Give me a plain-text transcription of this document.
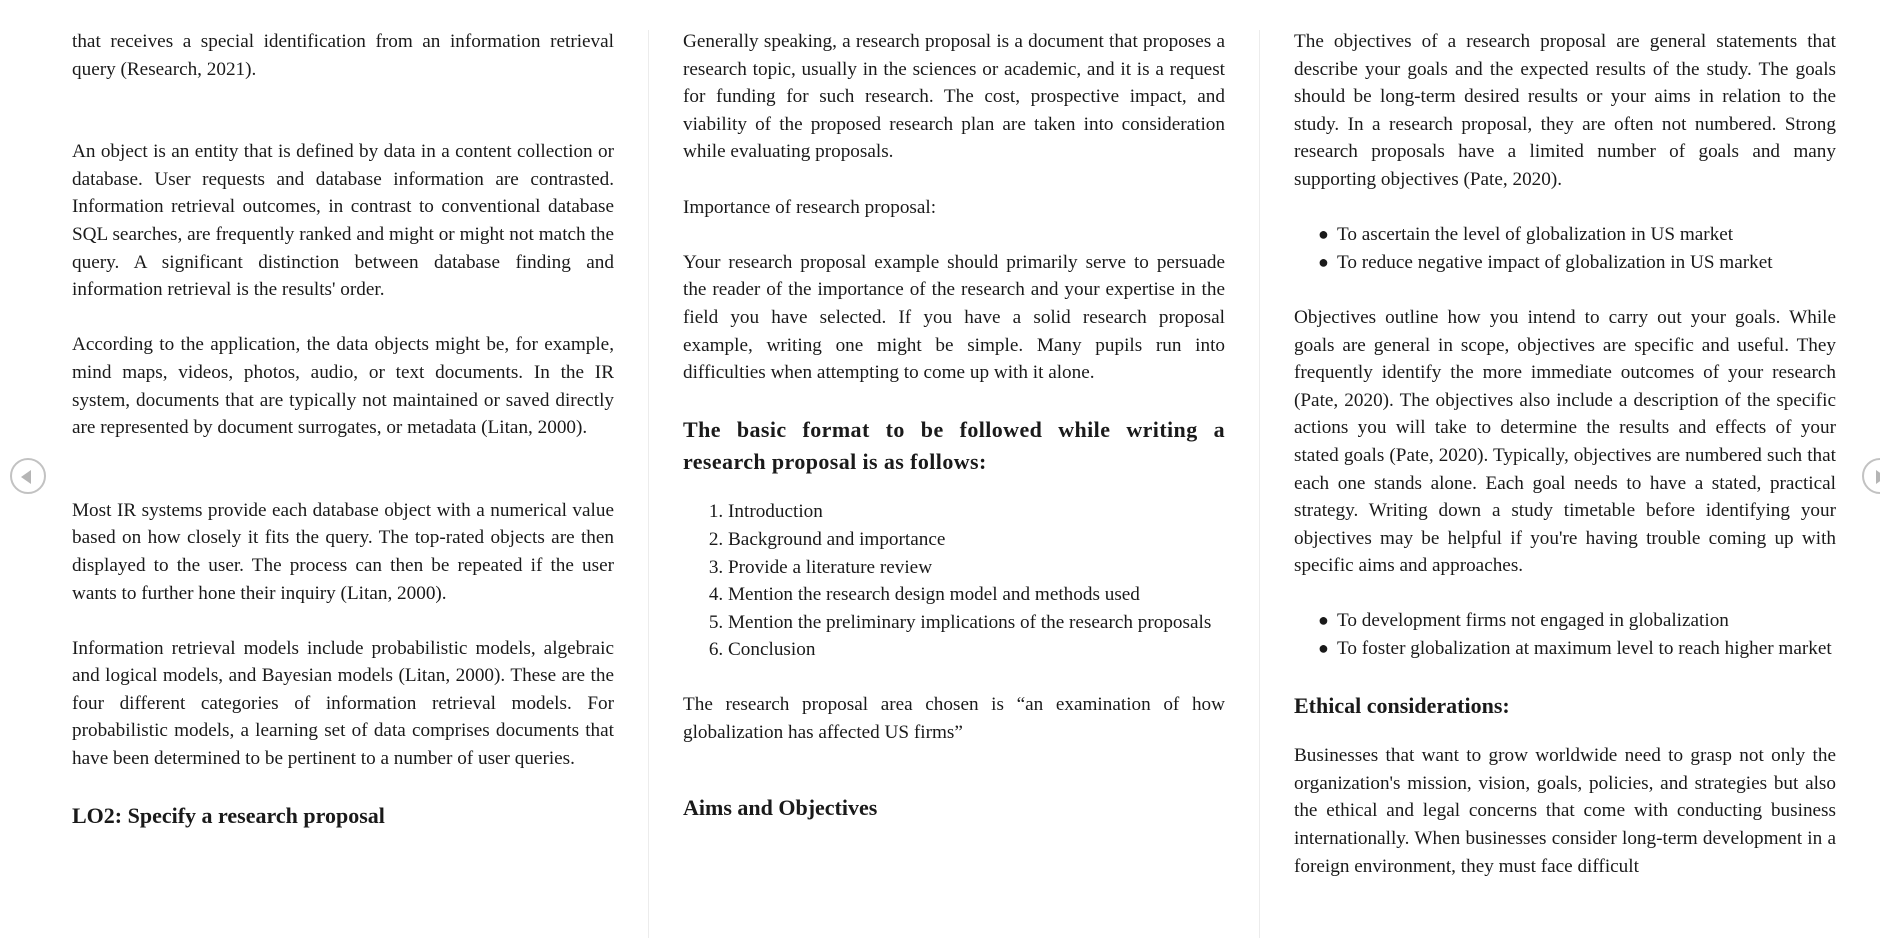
that receives a special identification from an information retrieval query (Research, 2021).

An object is an entity that is defined by data in a content collection or database. User requests and database information are contrasted. Information retrieval outcomes, in contrast to conventional database SQL searches, are frequently ranked and might or might not match the query. A significant distinction between database finding and information retrieval is the results' order.

According to the application, the data objects might be, for example, mind maps, videos, photos, audio, or text documents. In the IR system, documents that are typically not maintained or saved directly are represented by document surrogates, or metadata (Litan, 2000).

Most IR systems provide each database object with a numerical value based on how closely it fits the query. The top-rated objects are then displayed to the user. The process can then be repeated if the user wants to further hone their inquiry (Litan, 2000).

Information retrieval models include probabilistic models, algebraic and logical models, and Bayesian models (Litan, 2000). These are the four different categories of information retrieval models. For probabilistic models, a learning set of data comprises documents that have been determined to be pertinent to a number of user queries.

LO2: Specify a research proposal

Generally speaking, a research proposal is a document that proposes a research topic, usually in the sciences or academic, and it is a request for funding for such research. The cost, prospective impact, and viability of the proposed research plan are taken into consideration while evaluating proposals.

Importance of research proposal:

Your research proposal example should primarily serve to persuade the reader of the importance of the research and your expertise in the field you have selected. If you have a solid research proposal example, writing one might be simple. Many pupils run into difficulties when attempting to come up with it alone.

The basic format to be followed while writing a research proposal is as follows:
1. Introduction
2. Background and importance
3. Provide a literature review
4. Mention the research design model and methods used
5. Mention the preliminary implications of the research proposals
6. Conclusion

The research proposal area chosen is “an examination of how globalization has affected US firms”

Aims and Objectives

The objectives of a research proposal are general statements that describe your goals and the expected results of the study. The goals should be long-term desired results or your aims in relation to the study. In a research proposal, they are often not numbered. Strong research proposals have a limited number of goals and many supporting objectives (Pate, 2020).

● To ascertain the level of globalization in US market
● To reduce negative impact of globalization in US market

Objectives outline how you intend to carry out your goals. While goals are general in scope, objectives are specific and useful. They frequently identify the more immediate outcomes of your research (Pate, 2020). The objectives also include a description of the specific actions you will take to determine the results and effects of your stated goals (Pate, 2020). Typically, objectives are numbered such that each one stands alone. Each goal needs to have a stated, practical strategy. Writing down a study timetable before identifying your objectives may be helpful if you're having trouble coming up with specific aims and approaches.

● To development firms not engaged in globalization
● To foster globalization at maximum level to reach higher market
Ethical considerations:

Businesses that want to grow worldwide need to grasp not only the organization's mission, vision, goals, policies, and strategies but also the ethical and legal concerns that come with conducting business internationally. When businesses consider long-term development in a foreign environment, they must face difficult
